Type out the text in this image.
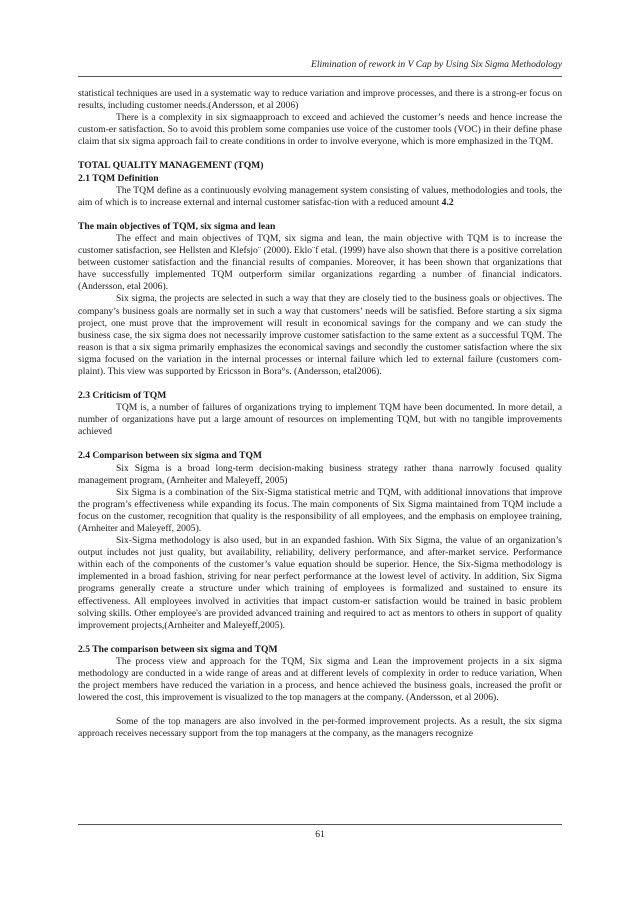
Elimination of rework in V Cap by Using Six Sigma Methodology

statistical techniques are used in a systematic way to reduce variation and improve processes, and there is a strong-er focus on results, including customer needs.(Andersson, et al 2006)

There is a complexity in six sigmaapproach to exceed and achieved the customer’s needs and hence increase the custom-er satisfaction. So to avoid this problem some companies use voice of the customer tools (VOC) in their define phase claim that six sigma approach fail to create conditions in order to involve everyone, which is more emphasized in the TQM.

TOTAL QUALITY MANAGEMENT (TQM)
2.1 TQM Definition

The TQM define as a continuously evolving management system consisting of values, methodologies and tools, the aim of which is to increase external and internal customer satisfac-tion with a reduced amount 4.2

The main objectives of TQM, six sigma and lean

The effect and main objectives of TQM, six sigma and lean, the main objective with TQM is to increase the customer satisfaction, see Hellsten and Klefsjo¨ (2000). Eklo¨f etal. (1999) have also shown that there is a positive correlation between customer satisfaction and the financial results of companies. Moreover, it has been shown that organizations that have successfully implemented TQM outperform similar organizations regarding a number of financial indicators.(Andersson, etal 2006).

Six sigma, the projects are selected in such a way that they are closely tied to the business goals or objectives. The company’s business goals are normally set in such a way that customers’ needs will be satisfied. Before starting a six sigma project, one must prove that the improvement will result in economical savings for the company and we can study the business case, the six sigma does not necessarily improve customer satisfaction to the same extent as a successful TQM. The reason is that a six sigma primarily emphasizes the economical savings and secondly the customer satisfaction where the six sigma focused on the variation in the internal processes or internal failure which led to external failure (customers com-plaint). This view was supported by Ericsson in Bora°s. (Andersson, etal2006).

2.3 Criticism of TQM

TQM is, a number of failures of organizations trying to implement TQM have been documented. In more detail, a number of organizations have put a large amount of resources on implementing TQM, but with no tangible improvements achieved

2.4 Comparison between six sigma and TQM

Six Sigma is a broad long-term decision-making business strategy rather thana narrowly focused quality management program, (Arnheiter and Maleyeff, 2005)

Six Sigma is a combination of the Six-Sigma statistical metric and TQM, with additional innovations that improve the program’s effectiveness while expanding its focus. The main components of Six Sigma maintained from TQM include a focus on the customer, recognition that quality is the responsibility of all employees, and the emphasis on employee training, (Arnheiter and Maleyeff, 2005).

Six-Sigma methodology is also used, but in an expanded fashion. With Six Sigma, the value of an organization’s output includes not just quality, but availability, reliability, delivery performance, and after-market service. Performance within each of the components of the customer’s value equation should be superior. Hence, the Six-Sigma methodology is implemented in a broad fashion, striving for near perfect performance at the lowest level of activity. In addition, Six Sigma programs generally create a structure under which training of employees is formalized and sustained to ensure its effectiveness. All employees involved in activities that impact custom-er satisfaction would be trained in basic problem solving skills. Other employee's are provided advanced training and required to act as mentors to others in support of quality improvement projects,(Arnheiter and Maleyeff,2005).

2.5 The comparison between six sigma and TQM

The process view and approach for the TQM, Six sigma and Lean the improvement projects in a six sigma methodology are conducted in a wide range of areas and at different levels of complexity in order to reduce variation, When the project members have reduced the variation in a process, and hence achieved the business goals, increased the profit or lowered the cost, this improvement is visualized to the top managers at the company. (Andersson, et al 2006).

Some of the top managers are also involved in the per-formed improvement projects. As a result, the six sigma approach receives necessary support from the top managers at the company, as the managers recognize

61
